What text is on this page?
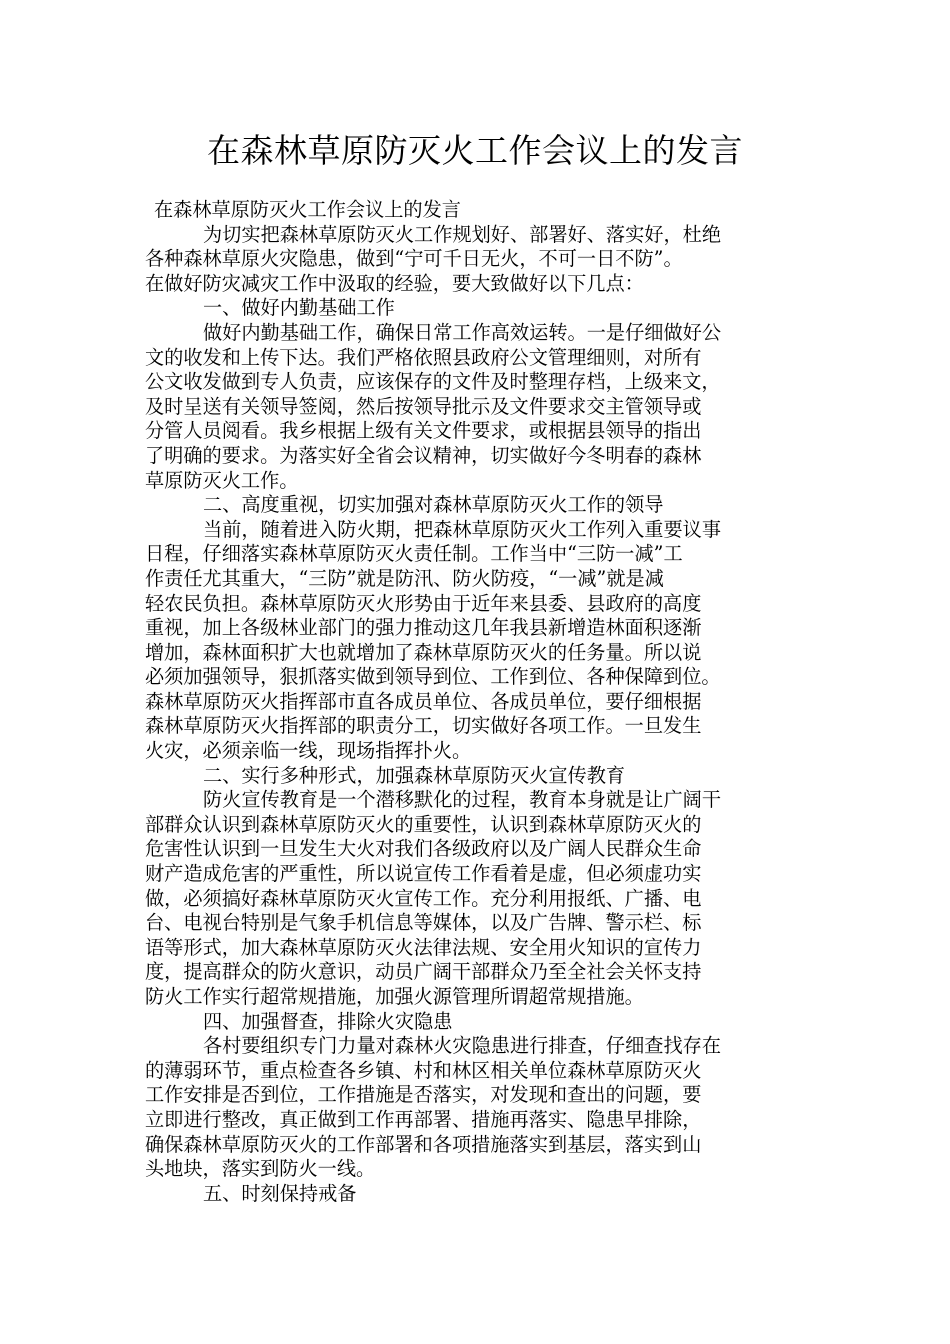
在森林草原防灭火工作会议上的发言

在森林草原防灭火工作会议上的发言

为切实把森林草原防灭火工作规划好、部署好、落实好，杜绝

各种森林草原火灾隐患，做到“宁可千日无火，不可一日不防”。

在做好防灾减灾工作中汲取的经验，要大致做好以下几点：

一、做好内勤基础工作

做好内勤基础工作，确保日常工作高效运转。一是仔细做好公

文的收发和上传下达。我们严格依照县政府公文管理细则，对所有

公文收发做到专人负责，应该保存的文件及时整理存档，上级来文，

及时呈送有关领导签阅，然后按领导批示及文件要求交主管领导或

分管人员阅看。我乡根据上级有关文件要求，或根据县领导的指出

了明确的要求。为落实好全省会议精神，切实做好今冬明春的森林

草原防灭火工作。

二、高度重视，切实加强对森林草原防灭火工作的领导

当前，随着进入防火期，把森林草原防灭火工作列入重要议事

日程，仔细落实森林草原防灭火责任制。工作当中“三防一减”工

作责任尤其重大，“三防”就是防汛、防火防疫，“一减”就是减

轻农民负担。森林草原防灭火形势由于近年来县委、县政府的高度

重视，加上各级林业部门的强力推动这几年我县新增造林面积逐渐

增加，森林面积扩大也就增加了森林草原防灭火的任务量。所以说

必须加强领导，狠抓落实做到领导到位、工作到位、各种保障到位。

森林草原防灭火指挥部市直各成员单位、各成员单位，要仔细根据

森林草原防灭火指挥部的职责分工，切实做好各项工作。一旦发生

火灾，必须亲临一线，现场指挥扑火。

二、实行多种形式，加强森林草原防灭火宣传教育

防火宣传教育是一个潜移默化的过程，教育本身就是让广阔干

部群众认识到森林草原防灭火的重要性，认识到森林草原防灭火的

危害性认识到一旦发生大火对我们各级政府以及广阔人民群众生命

财产造成危害的严重性，所以说宣传工作看着是虚，但必须虚功实

做，必须搞好森林草原防灭火宣传工作。充分利用报纸、广播、电

台、电视台特别是气象手机信息等媒体，以及广告牌、警示栏、标

语等形式，加大森林草原防灭火法律法规、安全用火知识的宣传力

度，提高群众的防火意识，动员广阔干部群众乃至全社会关怀支持

防火工作实行超常规措施，加强火源管理所谓超常规措施。

四、加强督查，排除火灾隐患

各村要组织专门力量对森林火灾隐患进行排查，仔细查找存在

的薄弱环节，重点检查各乡镇、村和林区相关单位森林草原防灭火

工作安排是否到位，工作措施是否落实，对发现和查出的问题，要

立即进行整改，真正做到工作再部署、措施再落实、隐患早排除，

确保森林草原防灭火的工作部署和各项措施落实到基层，落实到山

头地块，落实到防火一线。

五、时刻保持戒备
